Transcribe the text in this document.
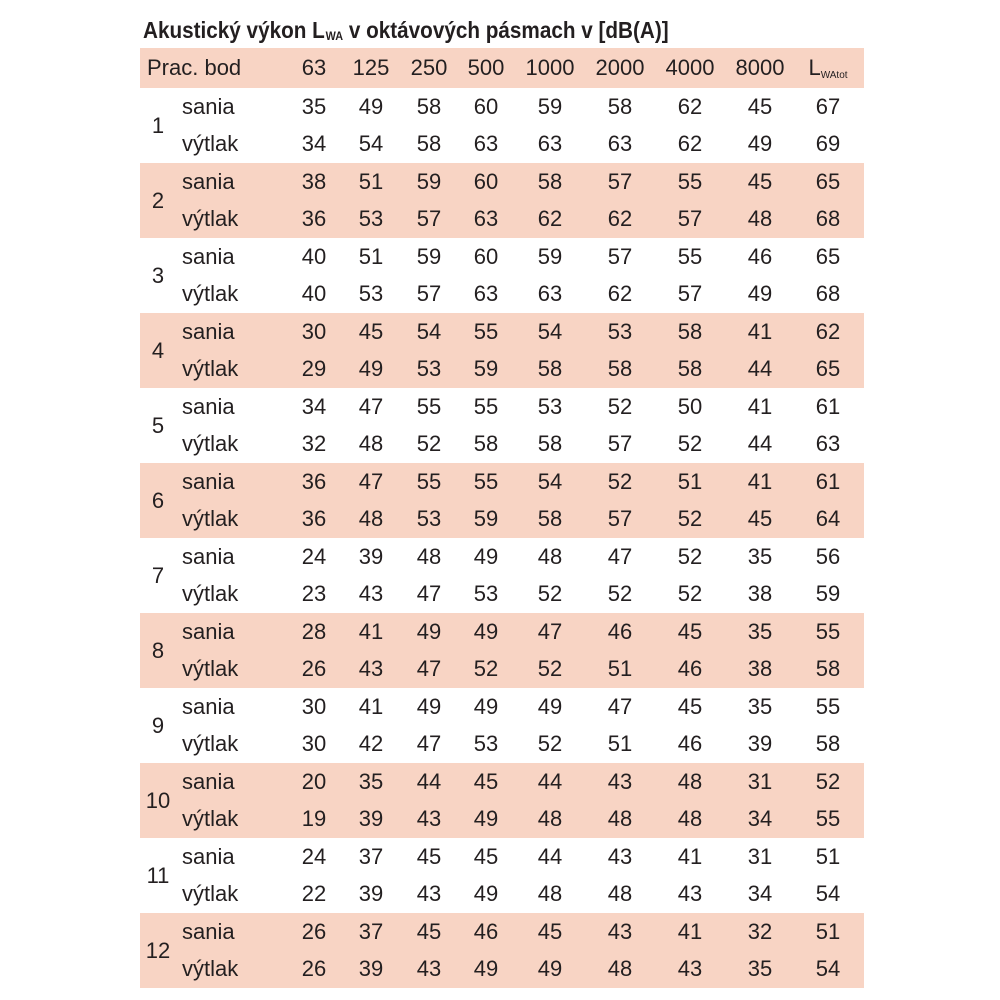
Akustický výkon LWA v oktávových pásmach v [dB(A)]
Prac. bod	63	125 250 500 1000 2000 4000 8000	LWAtot
1
sania	35	49	58	60	59	58	62	45	67
výtlak	34	54	58	63	63	63	62	49	69
2
sania	38	51	59	60	58	57	55	45	65
výtlak	36	53	57	63	62	62	57	48	68
3
sania	40	51	59	60	59	57	55	46	65
výtlak	40	53	57	63	63	62	57	49	68
4
sania	30	45	54	55	54	53	58	41	62
výtlak	29	49	53	59	58	58	58	44	65
5
sania	34	47	55	55	53	52	50	41	61
výtlak	32	48	52	58	58	57	52	44	63
6
sania	36	47	55	55	54	52	51	41	61
výtlak	36	48	53	59	58	57	52	45	64
7
sania	24	39	48	49	48	47	52	35	56
výtlak	23	43	47	53	52	52	52	38	59
8
sania	28	41	49	49	47	46	45	35	55
výtlak	26	43	47	52	52	51	46	38	58
9
sania	30	41	49	49	49	47	45	35	55
výtlak	30	42	47	53	52	51	46	39	58
10
sania	20	35	44	45	44	43	48	31	52
výtlak	19	39	43	49	48	48	48	34	55
11
sania	24	37	45	45	44	43	41	31	51
výtlak	22	39	43	49	48	48	43	34	54
12
sania	26	37	45	46	45	43	41	32	51
výtlak	26	39	43	49	49	48	43	35	54
